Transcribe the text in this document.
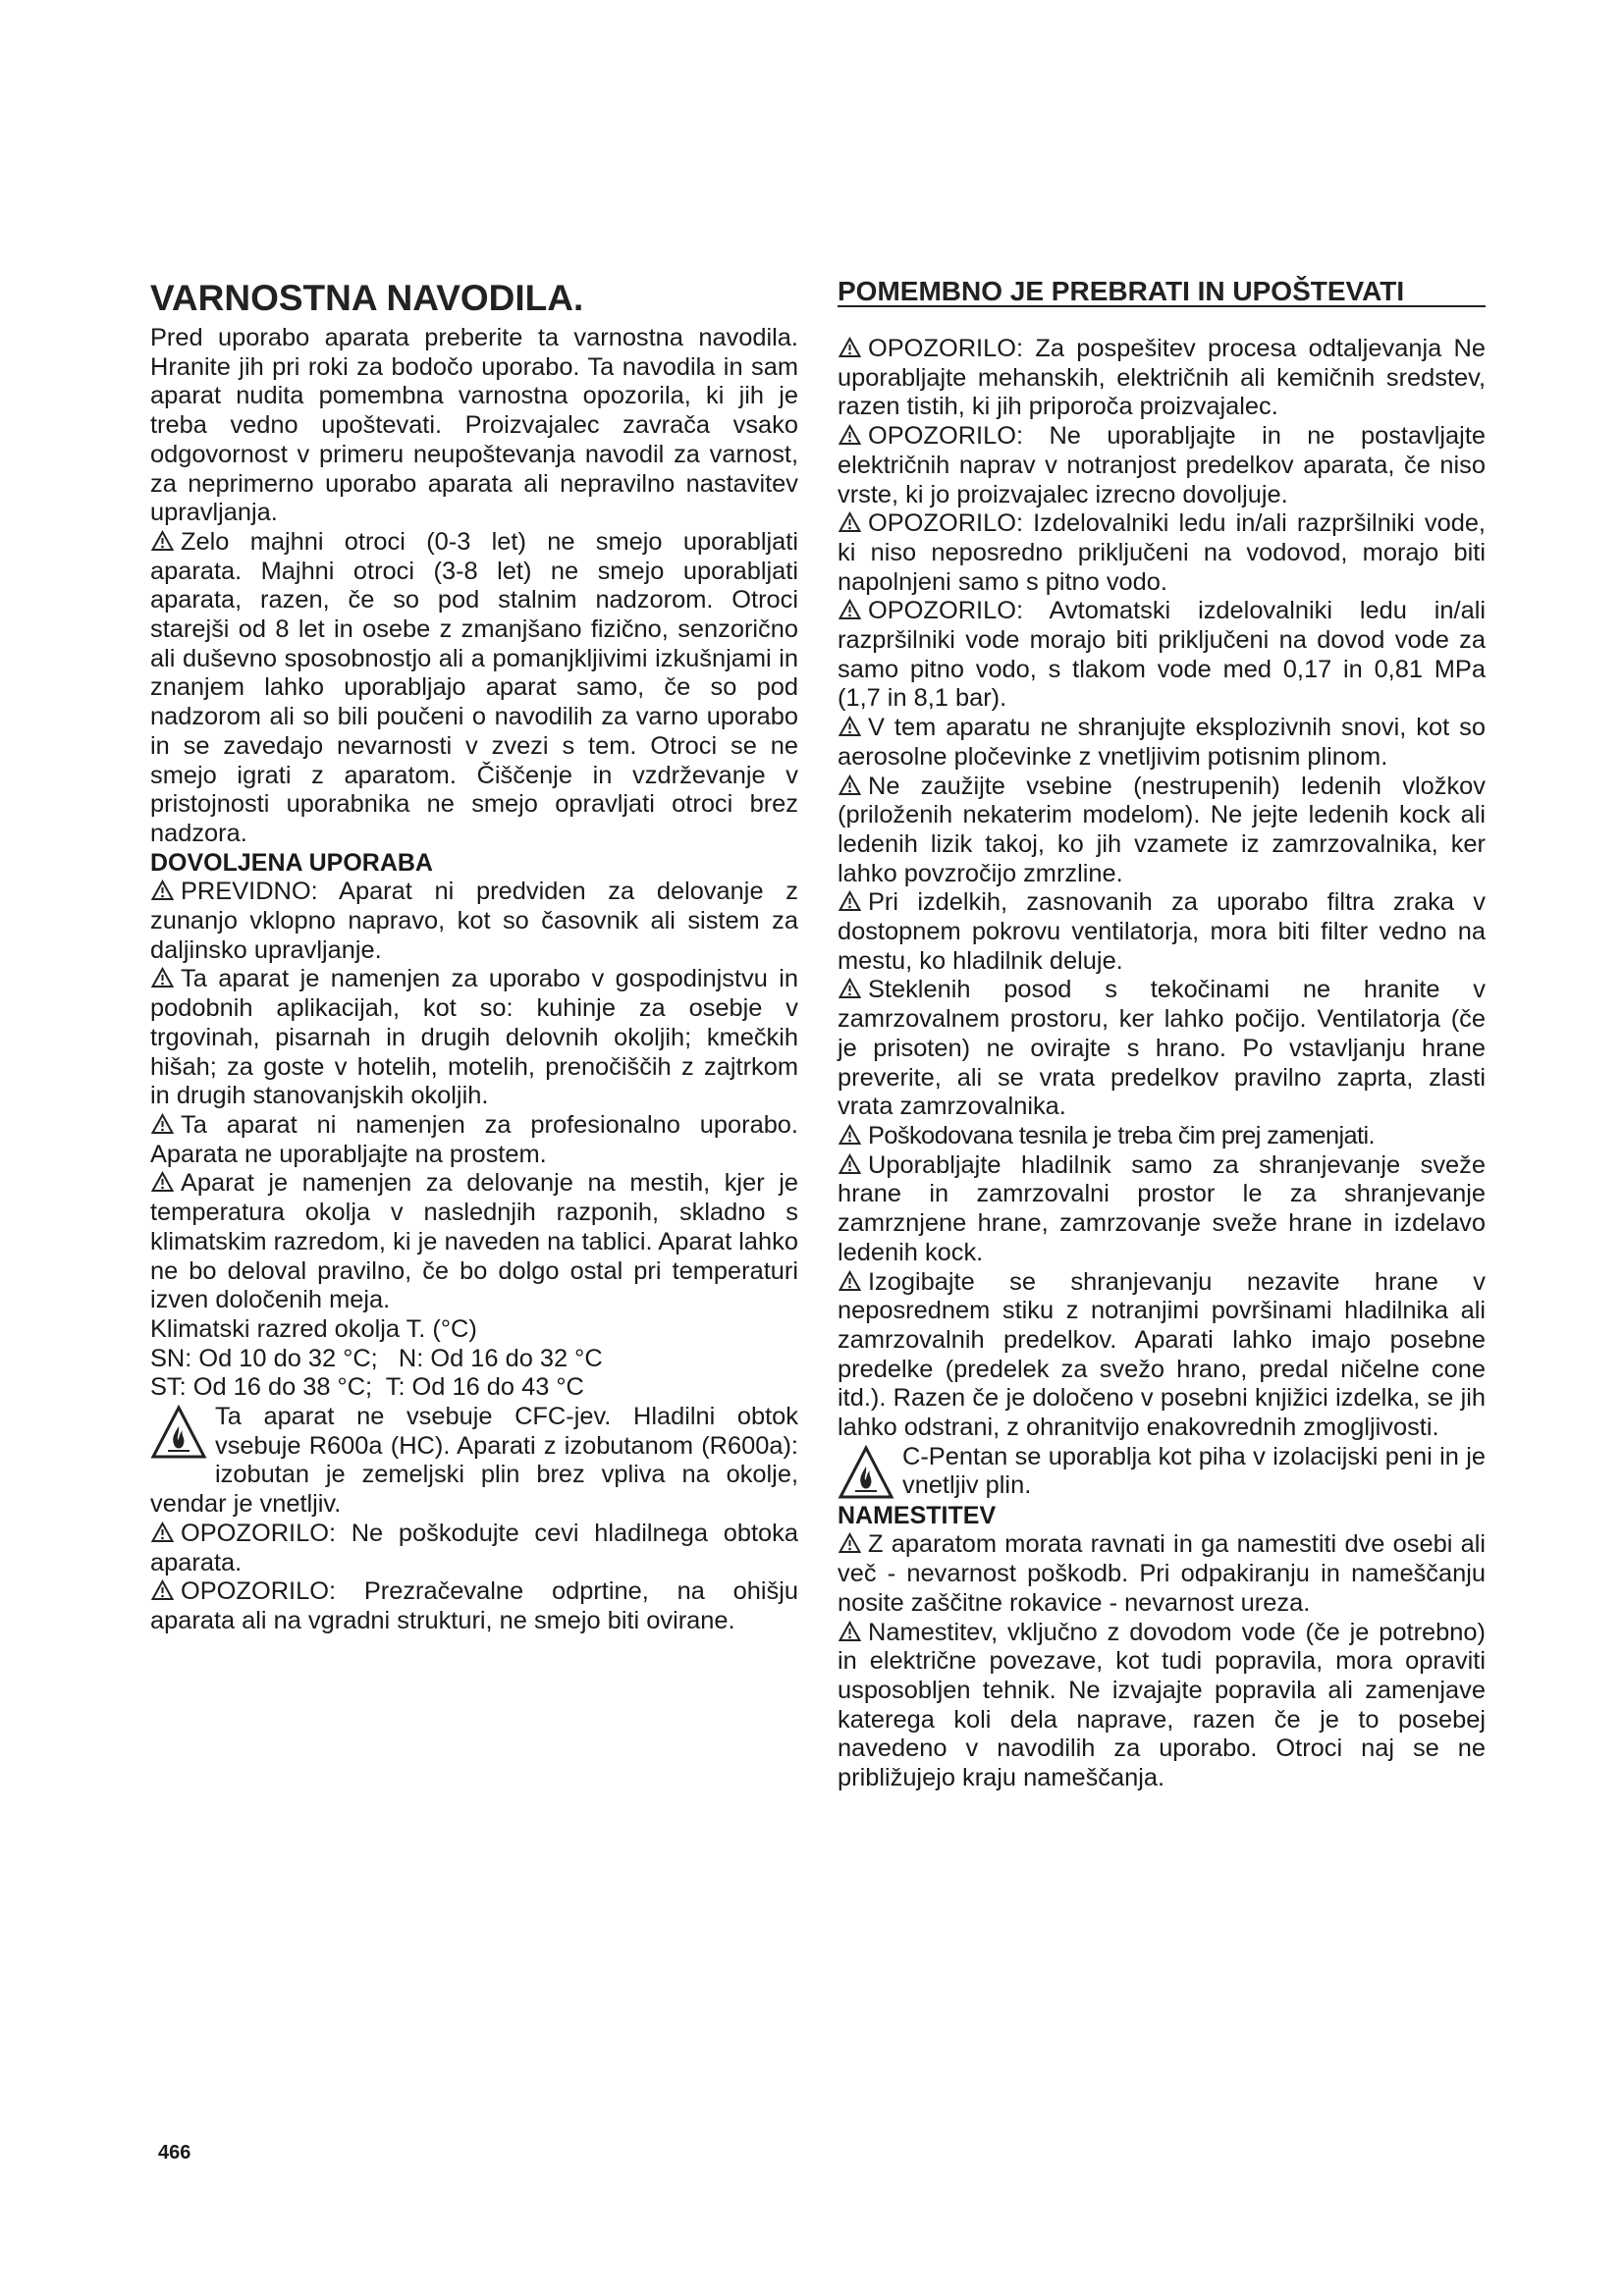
VARNOSTNA NAVODILA.

Pred uporabo aparata preberite ta varnostna navodila. Hranite jih pri roki za bodočo uporabo. Ta navodila in sam aparat nudita pomembna varnostna opozorila, ki jih je treba vedno upoštevati. Proizvajalec zavrača vsako odgovornost v primeru neupoštevanja navodil za varnost, za neprimerno uporabo aparata ali nepravilno nastavitev upravljanja.

Zelo majhni otroci (0-3 let) ne smejo uporabljati aparata. Majhni otroci (3-8 let) ne smejo uporabljati aparata, razen, če so pod stalnim nadzorom. Otroci starejši od 8 let in osebe z zmanjšano fizično, senzorično ali duševno sposobnostjo ali a pomanjkljivimi izkušnjami in znanjem lahko uporabljajo aparat samo, če so pod nadzorom ali so bili poučeni o navodilih za varno uporabo in se zavedajo nevarnosti v zvezi s tem. Otroci se ne smejo igrati z aparatom. Čiščenje in vzdrževanje v pristojnosti uporabnika ne smejo opravljati otroci brez nadzora.

DOVOLJENA UPORABA

PREVIDNO: Aparat ni predviden za delovanje z zunanjo vklopno napravo, kot so časovnik ali sistem za daljinsko upravljanje.

Ta aparat je namenjen za uporabo v gospodinjstvu in podobnih aplikacijah, kot so: kuhinje za osebje v trgovinah, pisarnah in drugih delovnih okoljih; kmečkih hišah; za goste v hotelih, motelih, prenočiščih z zajtrkom in drugih stanovanjskih okoljih.

Ta aparat ni namenjen za profesionalno uporabo. Aparata ne uporabljajte na prostem.

Aparat je namenjen za delovanje na mestih, kjer je temperatura okolja v naslednjih razponih, skladno s klimatskim razredom, ki je naveden na tablici. Aparat lahko ne bo deloval pravilno, če bo dolgo ostal pri temperaturi izven določenih meja.

Klimatski razred okolja T. (°C)

SN: Od 10 do 32 °C;   N: Od 16 do 32 °C

ST: Od 16 do 38 °C;  T: Od 16 do 43 °C

Ta aparat ne vsebuje CFC-jev. Hladilni obtok vsebuje R600a (HC). Aparati z izobutanom (R600a): izobutan je zemeljski plin brez vpliva na okolje, vendar je vnetljiv.

OPOZORILO: Ne poškodujte cevi hladilnega obtoka aparata.

OPOZORILO: Prezračevalne odprtine, na ohišju aparata ali na vgradni strukturi, ne smejo biti ovirane.

POMEMBNO JE PREBRATI IN UPOŠTEVATI

OPOZORILO: Za pospešitev procesa odtaljevanja Ne uporabljajte mehanskih, električnih ali kemičnih sredstev, razen tistih, ki jih priporoča proizvajalec.

OPOZORILO: Ne uporabljajte in ne postavljajte električnih naprav v notranjost predelkov aparata, če niso vrste, ki jo proizvajalec izrecno dovoljuje.

OPOZORILO: Izdelovalniki ledu in/ali razpršilniki vode, ki niso neposredno priključeni na vodovod, morajo biti napolnjeni samo s pitno vodo.

OPOZORILO: Avtomatski izdelovalniki ledu in/ali razpršilniki vode morajo biti priključeni na dovod vode za samo pitno vodo, s tlakom vode med 0,17 in 0,81 MPa (1,7 in 8,1 bar).

V tem aparatu ne shranjujte eksplozivnih snovi, kot so aerosolne pločevinke z vnetljivim potisnim plinom.

Ne zaužijte vsebine (nestrupenih) ledenih vložkov (priloženih nekaterim modelom). Ne jejte ledenih kock ali ledenih lizik takoj, ko jih vzamete iz zamrzovalnika, ker lahko povzročijo zmrzline.

Pri izdelkih, zasnovanih za uporabo filtra zraka v dostopnem pokrovu ventilatorja, mora biti filter vedno na mestu, ko hladilnik deluje.

Steklenih posod s tekočinami ne hranite v zamrzovalnem prostoru, ker lahko počijo. Ventilatorja (če je prisoten) ne ovirajte s hrano. Po vstavljanju hrane preverite, ali se vrata predelkov pravilno zaprta, zlasti vrata zamrzovalnika.

Poškodovana tesnila je treba čim prej zamenjati.

Uporabljajte hladilnik samo za shranjevanje sveže hrane in zamrzovalni prostor le za shranjevanje zamrznjene hrane, zamrzovanje sveže hrane in izdelavo ledenih kock.

Izogibajte se shranjevanju nezavite hrane v neposrednem stiku z notranjimi površinami hladilnika ali zamrzovalnih predelkov. Aparati lahko imajo posebne predelke (predelek za svežo hrano, predal ničelne cone itd.). Razen če je določeno v posebni knjižici izdelka, se jih lahko odstrani, z ohranitvijo enakovrednih zmogljivosti.

C-Pentan se uporablja kot piha v izolacijski peni in je vnetljiv plin.

NAMESTITEV

Z aparatom morata ravnati in ga namestiti dve osebi ali več - nevarnost poškodb. Pri odpakiranju in nameščanju nosite zaščitne rokavice - nevarnost ureza.

Namestitev, vključno z dovodom vode (če je potrebno) in električne povezave, kot tudi popravila, mora opraviti usposobljen tehnik. Ne izvajajte popravila ali zamenjave katerega koli dela naprave, razen če je to posebej navedeno v navodilih za uporabo. Otroci naj se ne približujejo kraju nameščanja.

466
